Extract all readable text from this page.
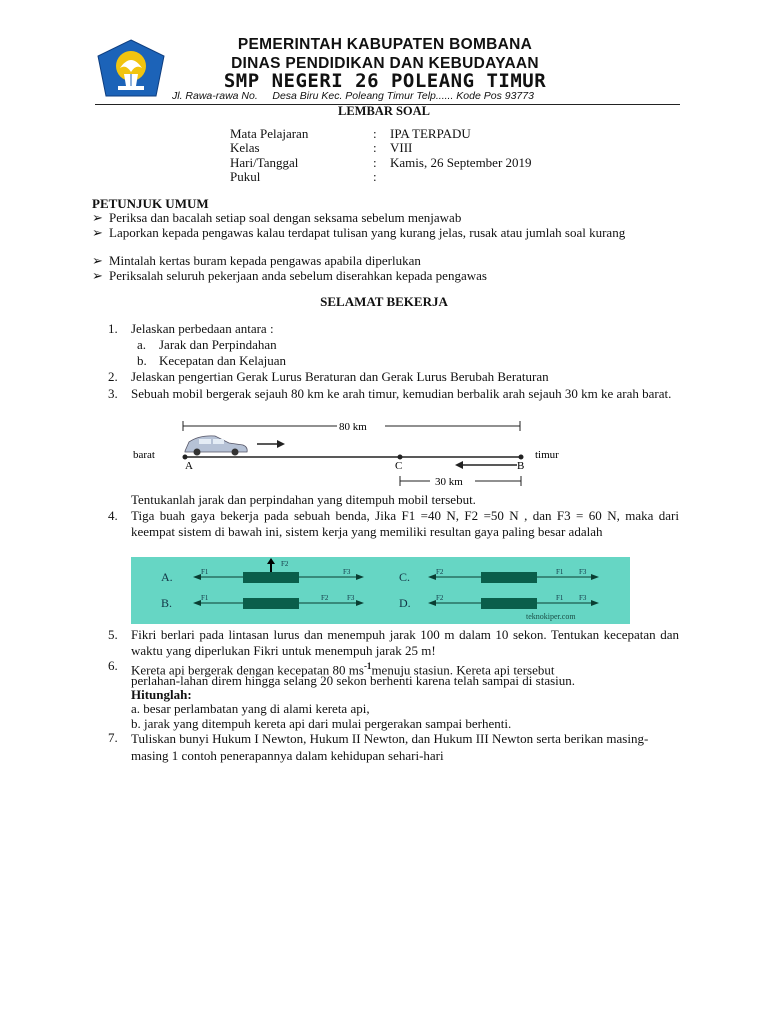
PEMERINTAH KABUPATEN BOMBANA
DINAS PENDIDIKAN DAN KEBUDAYAAN
SMP NEGERI 26 POLEANG TIMUR
Jl. Rawa-rawa No.     Desa Biru Kec. Poleang Timur Telp...... Kode Pos 93773
LEMBAR SOAL
Mata Pelajaran	: IPA TERPADU
Kelas	: VIII
Hari/Tanggal	: Kamis, 26 September 2019
Pukul	:
PETUNJUK UMUM
➢ Periksa dan bacalah setiap soal dengan seksama sebelum menjawab
➢ Laporkan kepada pengawas kalau terdapat tulisan yang kurang jelas, rusak atau jumlah soal kurang
➢ Mintalah kertas buram kepada pengawas apabila diperlukan
➢ Periksalah seluruh pekerjaan anda sebelum diserahkan kepada pengawas
SELAMAT BEKERJA
1. Jelaskan perbedaan antara :
a. Jarak dan Perpindahan
b. Kecepatan dan Kelajuan
2. Jelaskan pengertian Gerak Lurus Beraturan dan Gerak Lurus Berubah Beraturan
3. Sebuah mobil bergerak sejauh 80 km ke arah timur, kemudian berbalik arah sejauh 30 km ke arah barat.
80 km
barat	timur
A	C	B
30 km
Tentukanlah jarak dan perpindahan yang ditempuh mobil tersebut.
4. Tiga buah gaya bekerja pada sebuah benda, Jika F1 =40 N, F2 =50 N , dan F3 = 60 N, maka dari keempat sistem di bawah ini, sistem kerja yang memiliki resultan gaya paling besar adalah
A.	F1
F2
F3
B.	F1	F2	F3
C.	F2	F1 F3
D.	F2	F1 F3
teknokiper.com
5. Fikri berlari pada lintasan lurus dan menempuh jarak 100 m dalam 10 sekon. Tentukan kecepatan dan waktu yang diperlukan Fikri untuk menempuh jarak 25 m!
6. Kereta api bergerak dengan kecepatan 80 $ms^{-1}menuju$ stasiun. Kereta api tersebut
perlahan-lahan direm hingga selang 20 sekon berhenti karena telah sampai di stasiun.
Hitunglah:
a. besar perlambatan yang di alami kereta api,
b. jarak yang ditempuh kereta api dari mulai pergerakan sampai berhenti.
7. Tuliskan bunyi Hukum I Newton, Hukum II Newton, dan Hukum III Newton serta berikan masing-masing 1 contoh penerapannya dalam kehidupan sehari-hari
